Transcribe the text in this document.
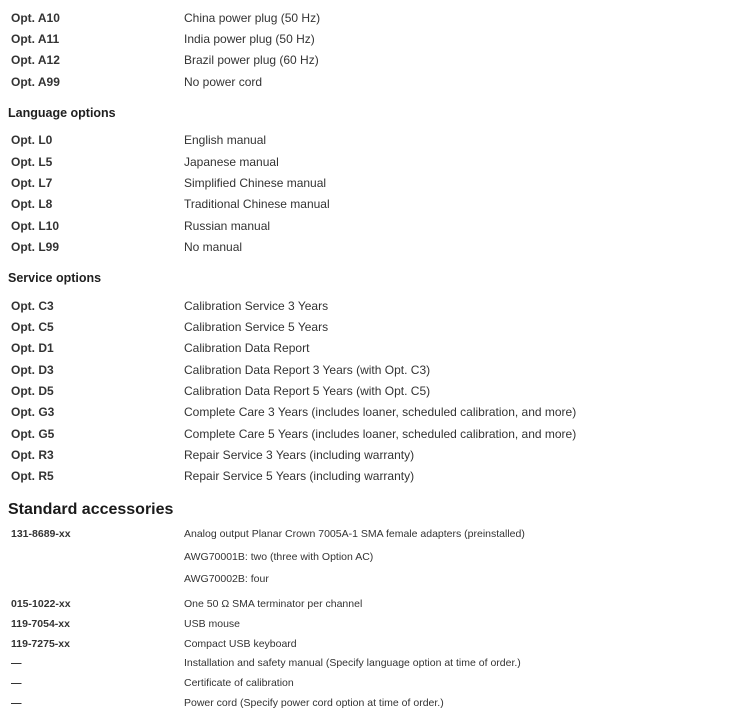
Opt. A10	China power plug (50 Hz)
Opt. A11	India power plug (50 Hz)
Opt. A12	Brazil power plug (60 Hz)
Opt. A99	No power cord
Language options
Opt. L0	English manual
Opt. L5	Japanese manual
Opt. L7	Simplified Chinese manual
Opt. L8	Traditional Chinese manual
Opt. L10	Russian manual
Opt. L99	No manual
Service options
Opt. C3	Calibration Service 3 Years
Opt. C5	Calibration Service 5 Years
Opt. D1	Calibration Data Report
Opt. D3	Calibration Data Report 3 Years (with Opt. C3)
Opt. D5	Calibration Data Report 5 Years (with Opt. C5)
Opt. G3	Complete Care 3 Years (includes loaner, scheduled calibration, and more)
Opt. G5	Complete Care 5 Years (includes loaner, scheduled calibration, and more)
Opt. R3	Repair Service 3 Years (including warranty)
Opt. R5	Repair Service 5 Years (including warranty)
Standard accessories
131-8689-xx	Analog output Planar Crown 7005A-1 SMA female adapters (preinstalled)
AWG70001B: two (three with Option AC)
AWG70002B: four
015-1022-xx	One 50 Ω SMA terminator per channel
119-7054-xx	USB mouse
119-7275-xx	Compact USB keyboard
—	Installation and safety manual (Specify language option at time of order.)
—	Certificate of calibration
—	Power cord (Specify power cord option at time of order.)
